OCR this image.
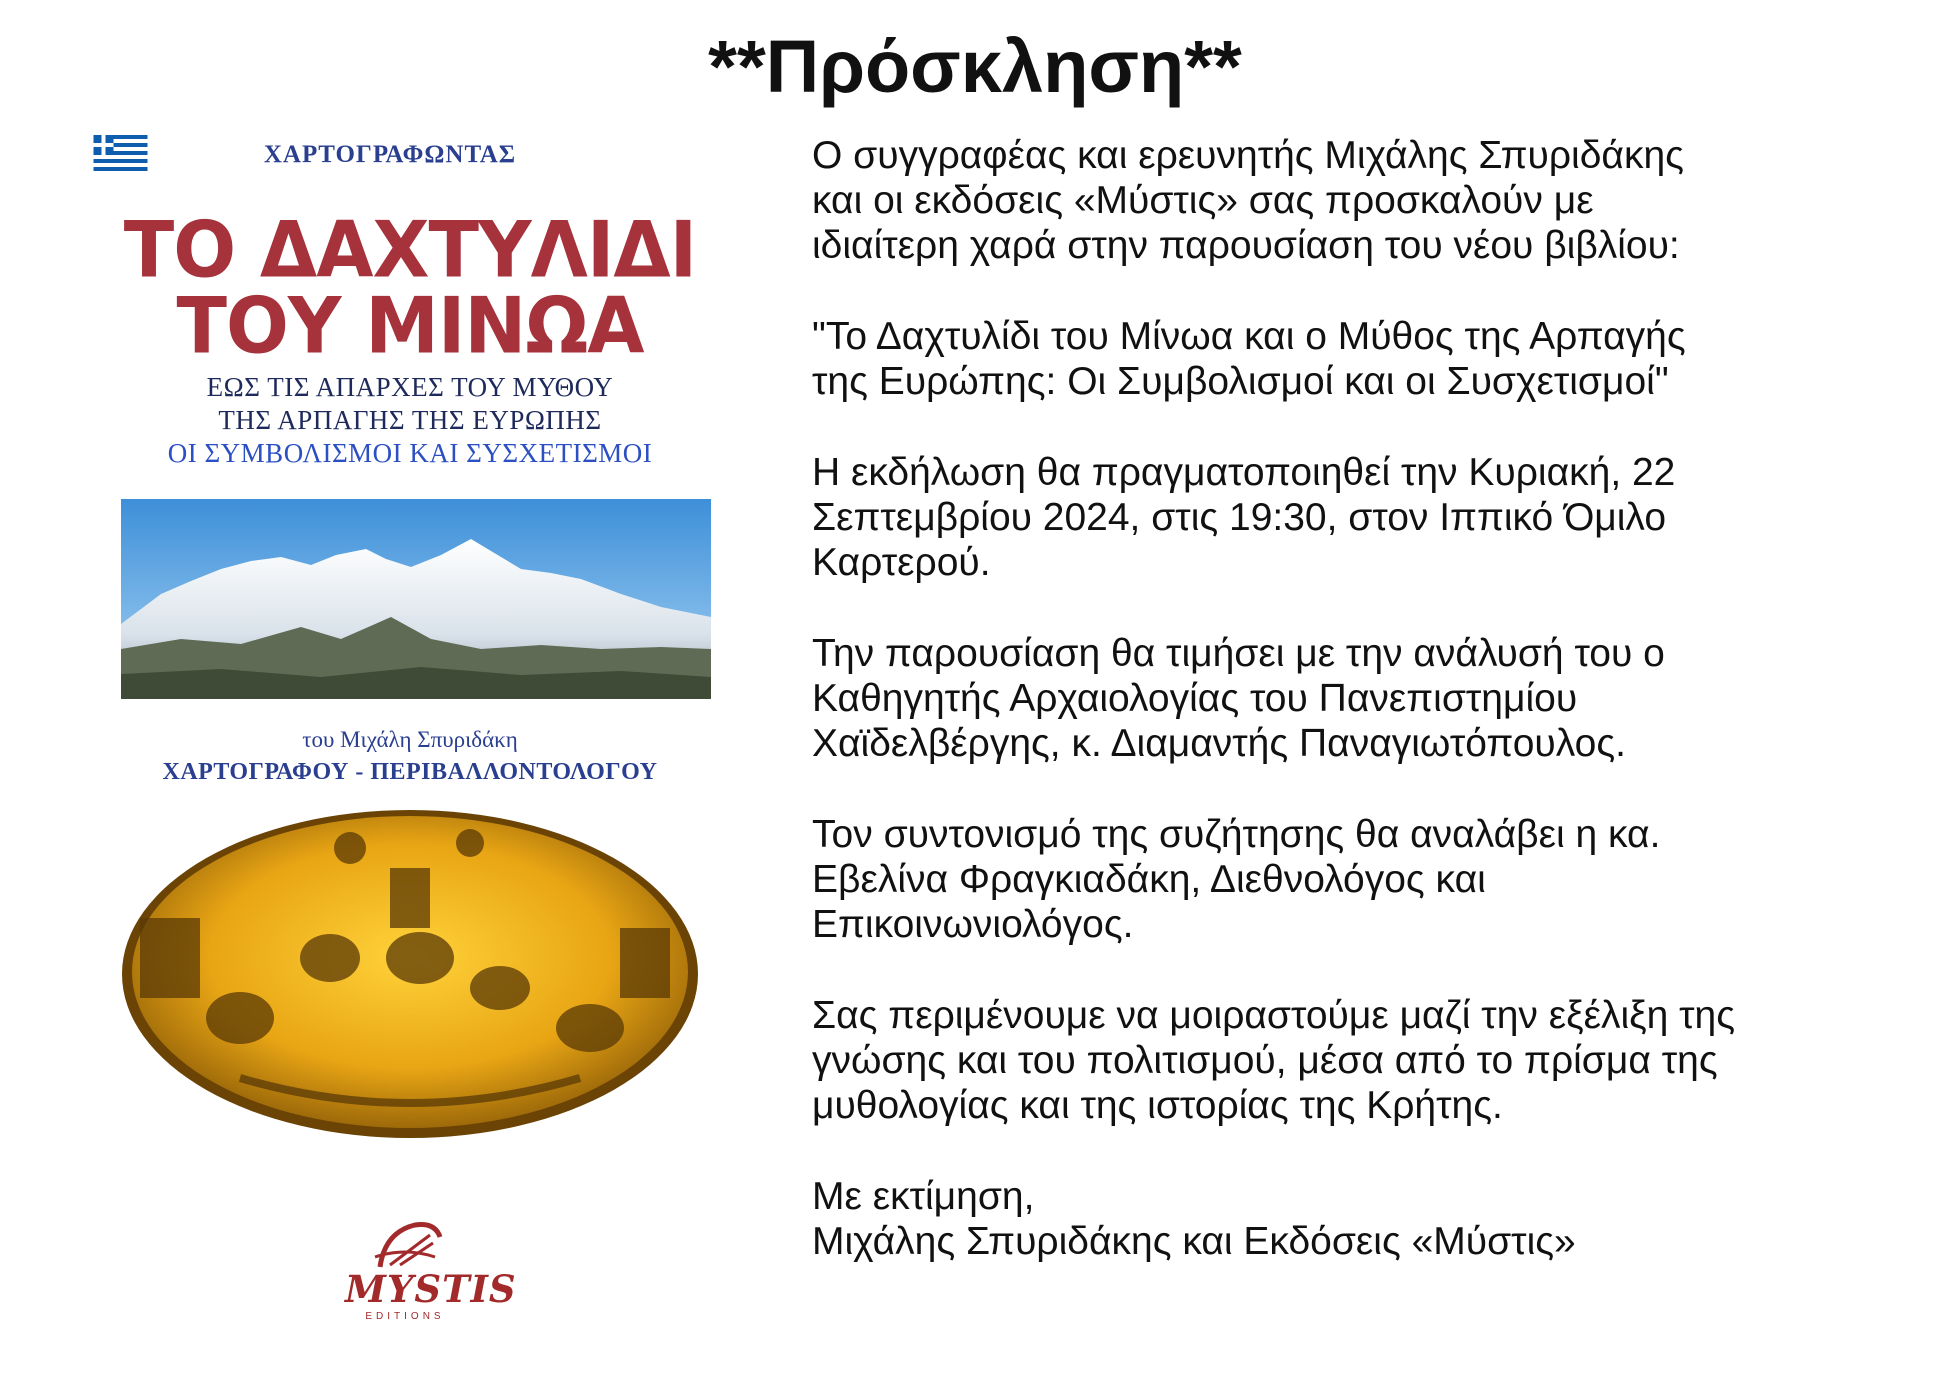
**Πρόσκληση**
ΧΑΡΤΟΓΡΑΦΩΝΤΑΣ
ΤΟ ΔΑΧΤΥΛΙΔΙ
ΤΟΥ ΜΙΝΩΑ
ΕΩΣ ΤΙΣ ΑΠΑΡΧΕΣ ΤΟΥ ΜΥΘΟΥ
ΤΗΣ ΑΡΠΑΓΗΣ ΤΗΣ ΕΥΡΩΠΗΣ
ΟΙ ΣΥΜΒΟΛΙΣΜΟΙ ΚΑΙ ΣΥΣΧΕΤΙΣΜΟΙ
του Μιχάλη Σπυριδάκη
ΧΑΡΤΟΓΡΑΦΟΥ - ΠΕΡΙΒΑΛΛΟΝΤΟΛΟΓΟΥ
MYSTIS
EDITIONS
Ο συγγραφέας και ερευνητής Μιχάλης Σπυριδάκης
και οι εκδόσεις «Μύστις» σας προσκαλούν με
ιδιαίτερη χαρά στην παρουσίαση του νέου βιβλίου:
"Το Δαχτυλίδι του Μίνωα και ο Μύθος της Αρπαγής
της Ευρώπης: Οι Συμβολισμοί και οι Συσχετισμοί"
Η εκδήλωση θα πραγματοποιηθεί την Κυριακή, 22
Σεπτεμβρίου 2024, στις 19:30, στον Ιππικό Όμιλο
Καρτερού.
Την παρουσίαση θα τιμήσει με την ανάλυσή του ο
Καθηγητής Αρχαιολογίας του Πανεπιστημίου
Χαϊδελβέργης, κ. Διαμαντής Παναγιωτόπουλος.
Τον συντονισμό της συζήτησης θα αναλάβει η κα.
Εβελίνα Φραγκιαδάκη, Διεθνολόγος και
Επικοινωνιολόγος.
Σας περιμένουμε να μοιραστούμε μαζί την εξέλιξη της
γνώσης και του πολιτισμού, μέσα από το πρίσμα της
μυθολογίας και της ιστορίας της Κρήτης.
Με εκτίμηση,
Μιχάλης Σπυριδάκης και Εκδόσεις «Μύστις»
